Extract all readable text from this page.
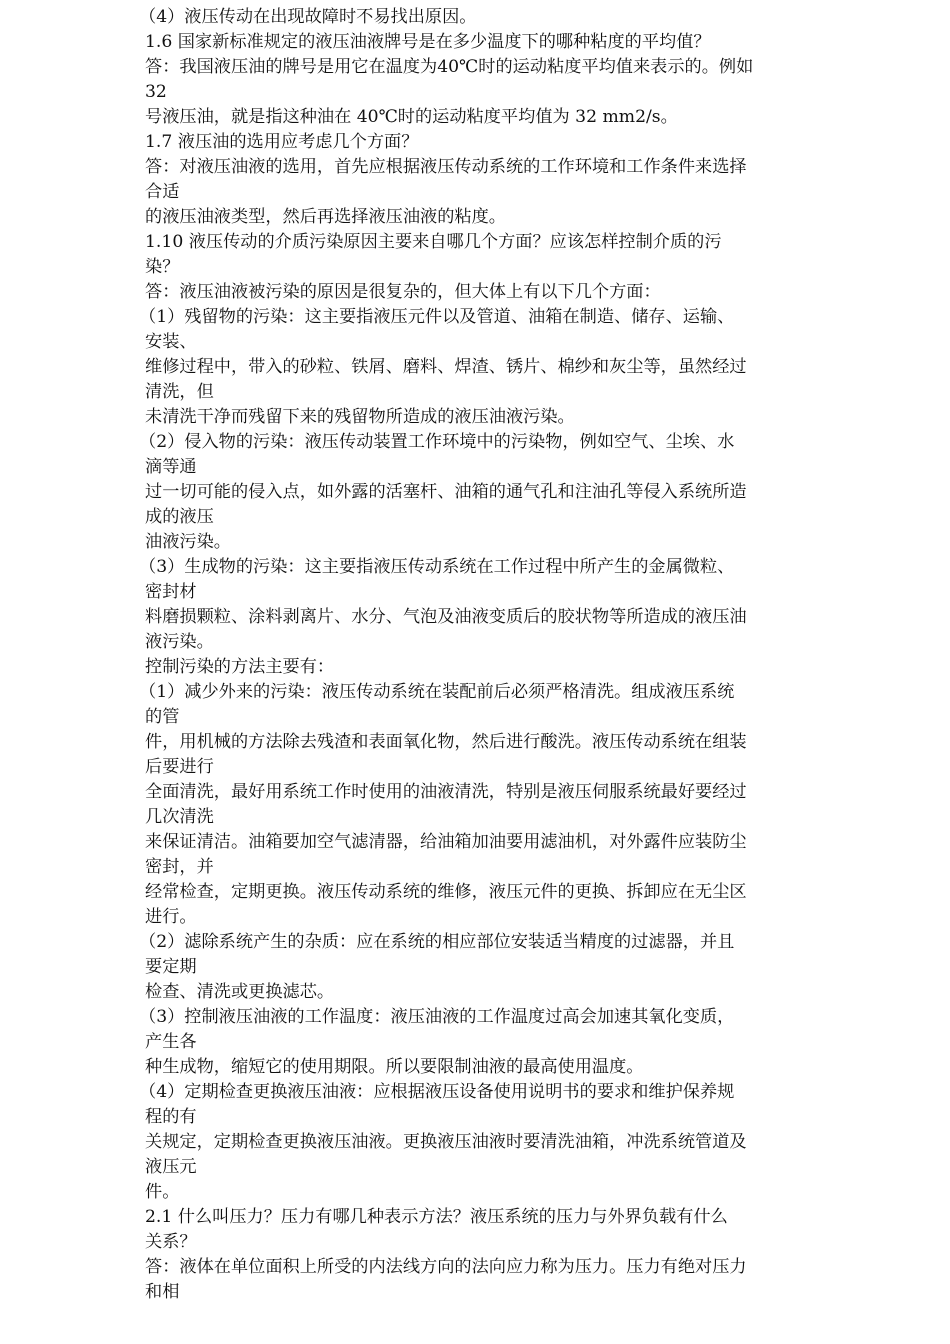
（4）液压传动在出现故障时不易找出原因。
1.6 国家新标准规定的液压油液牌号是在多少温度下的哪种粘度的平均值？
答：我国液压油的牌号是用它在温度为40℃时的运动粘度平均值来表示的。例如
32
号液压油，就是指这种油在 40℃时的运动粘度平均值为 32 mm2/s。
1.7 液压油的选用应考虑几个方面？
答：对液压油液的选用，首先应根据液压传动系统的工作环境和工作条件来选择
合适
的液压油液类型，然后再选择液压油液的粘度。
1.10 液压传动的介质污染原因主要来自哪几个方面？应该怎样控制介质的污
染？
答：液压油液被污染的原因是很复杂的，但大体上有以下几个方面：
（1）残留物的污染：这主要指液压元件以及管道、油箱在制造、储存、运输、
安装、
维修过程中，带入的砂粒、铁屑、磨料、焊渣、锈片、棉纱和灰尘等，虽然经过
清洗，但
未清洗干净而残留下来的残留物所造成的液压油液污染。
（2）侵入物的污染：液压传动装置工作环境中的污染物，例如空气、尘埃、水
滴等通
过一切可能的侵入点，如外露的活塞杆、油箱的通气孔和注油孔等侵入系统所造
成的液压
油液污染。
（3）生成物的污染：这主要指液压传动系统在工作过程中所产生的金属微粒、
密封材
料磨损颗粒、涂料剥离片、水分、气泡及油液变质后的胶状物等所造成的液压油
液污染。
控制污染的方法主要有：
（1）减少外来的污染：液压传动系统在装配前后必须严格清洗。组成液压系统
的管
件，用机械的方法除去残渣和表面氧化物，然后进行酸洗。液压传动系统在组装
后要进行
全面清洗，最好用系统工作时使用的油液清洗，特别是液压伺服系统最好要经过
几次清洗
来保证清洁。油箱要加空气滤清器，给油箱加油要用滤油机，对外露件应装防尘
密封，并
经常检查，定期更换。液压传动系统的维修，液压元件的更换、拆卸应在无尘区
进行。
（2）滤除系统产生的杂质：应在系统的相应部位安装适当精度的过滤器，并且
要定期
检查、清洗或更换滤芯。
（3）控制液压油液的工作温度：液压油液的工作温度过高会加速其氧化变质，
产生各
种生成物，缩短它的使用期限。所以要限制油液的最高使用温度。
（4）定期检查更换液压油液：应根据液压设备使用说明书的要求和维护保养规
程的有
关规定，定期检查更换液压油液。更换液压油液时要清洗油箱，冲洗系统管道及
液压元
件。
2.1 什么叫压力？压力有哪几种表示方法？液压系统的压力与外界负载有什么
关系？
答：液体在单位面积上所受的内法线方向的法向应力称为压力。压力有绝对压力
和相
